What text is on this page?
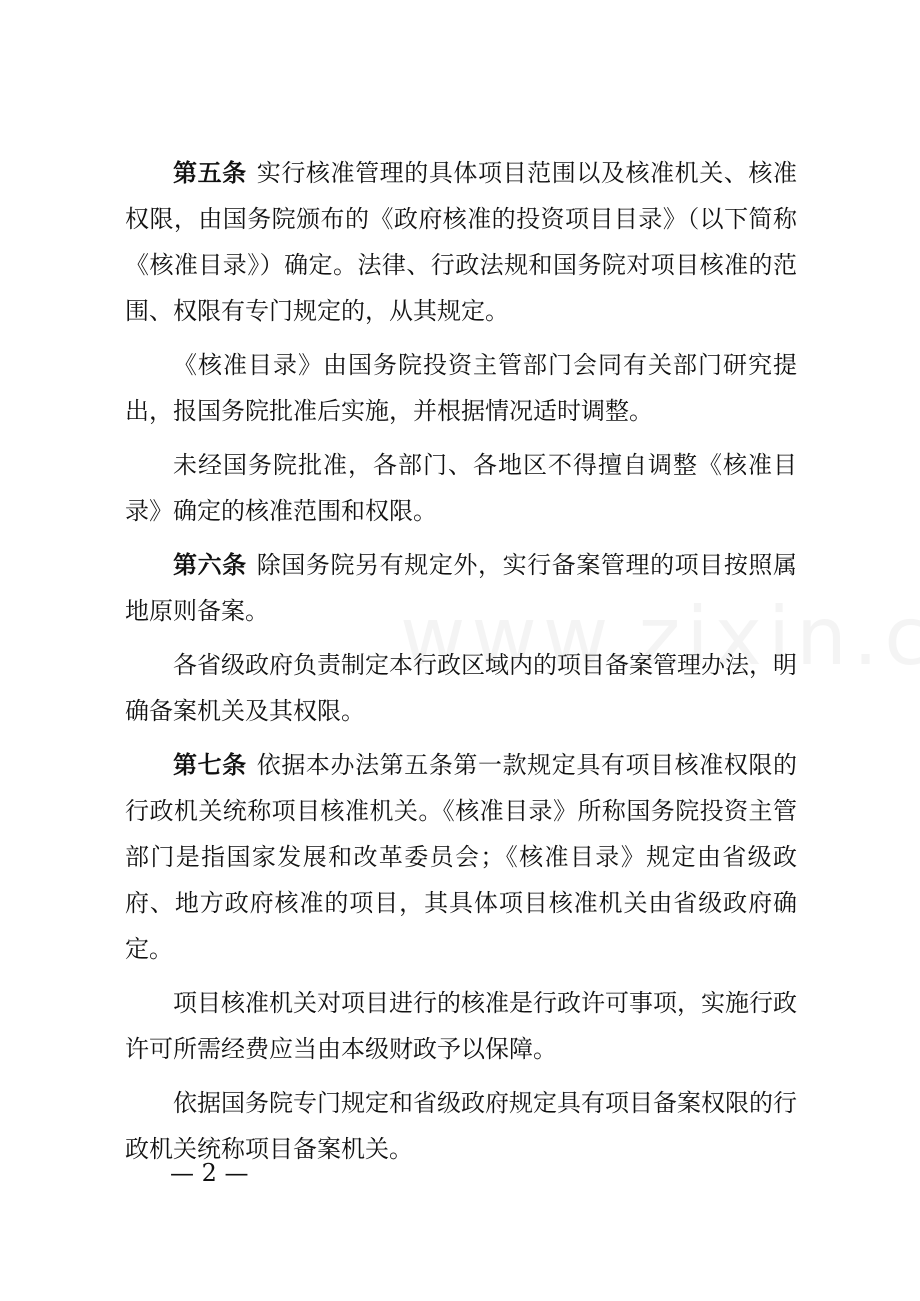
第五条 实行核准管理的具体项目范围以及核准机关、核准权限，由国务院颁布的《政府核准的投资项目目录》（以下简称《核准目录》）确定。法律、行政法规和国务院对项目核准的范围、权限有专门规定的，从其规定。

《核准目录》由国务院投资主管部门会同有关部门研究提出，报国务院批准后实施，并根据情况适时调整。

未经国务院批准，各部门、各地区不得擅自调整《核准目录》确定的核准范围和权限。

第六条 除国务院另有规定外，实行备案管理的项目按照属地原则备案。

各省级政府负责制定本行政区域内的项目备案管理办法，明确备案机关及其权限。

第七条 依据本办法第五条第一款规定具有项目核准权限的行政机关统称项目核准机关。《核准目录》所称国务院投资主管部门是指国家发展和改革委员会；《核准目录》规定由省级政府、地方政府核准的项目，其具体项目核准机关由省级政府确定。

项目核准机关对项目进行的核准是行政许可事项，实施行政许可所需经费应当由本级财政予以保障。

依据国务院专门规定和省级政府规定具有项目备案权限的行政机关统称项目备案机关。

— 2 —
